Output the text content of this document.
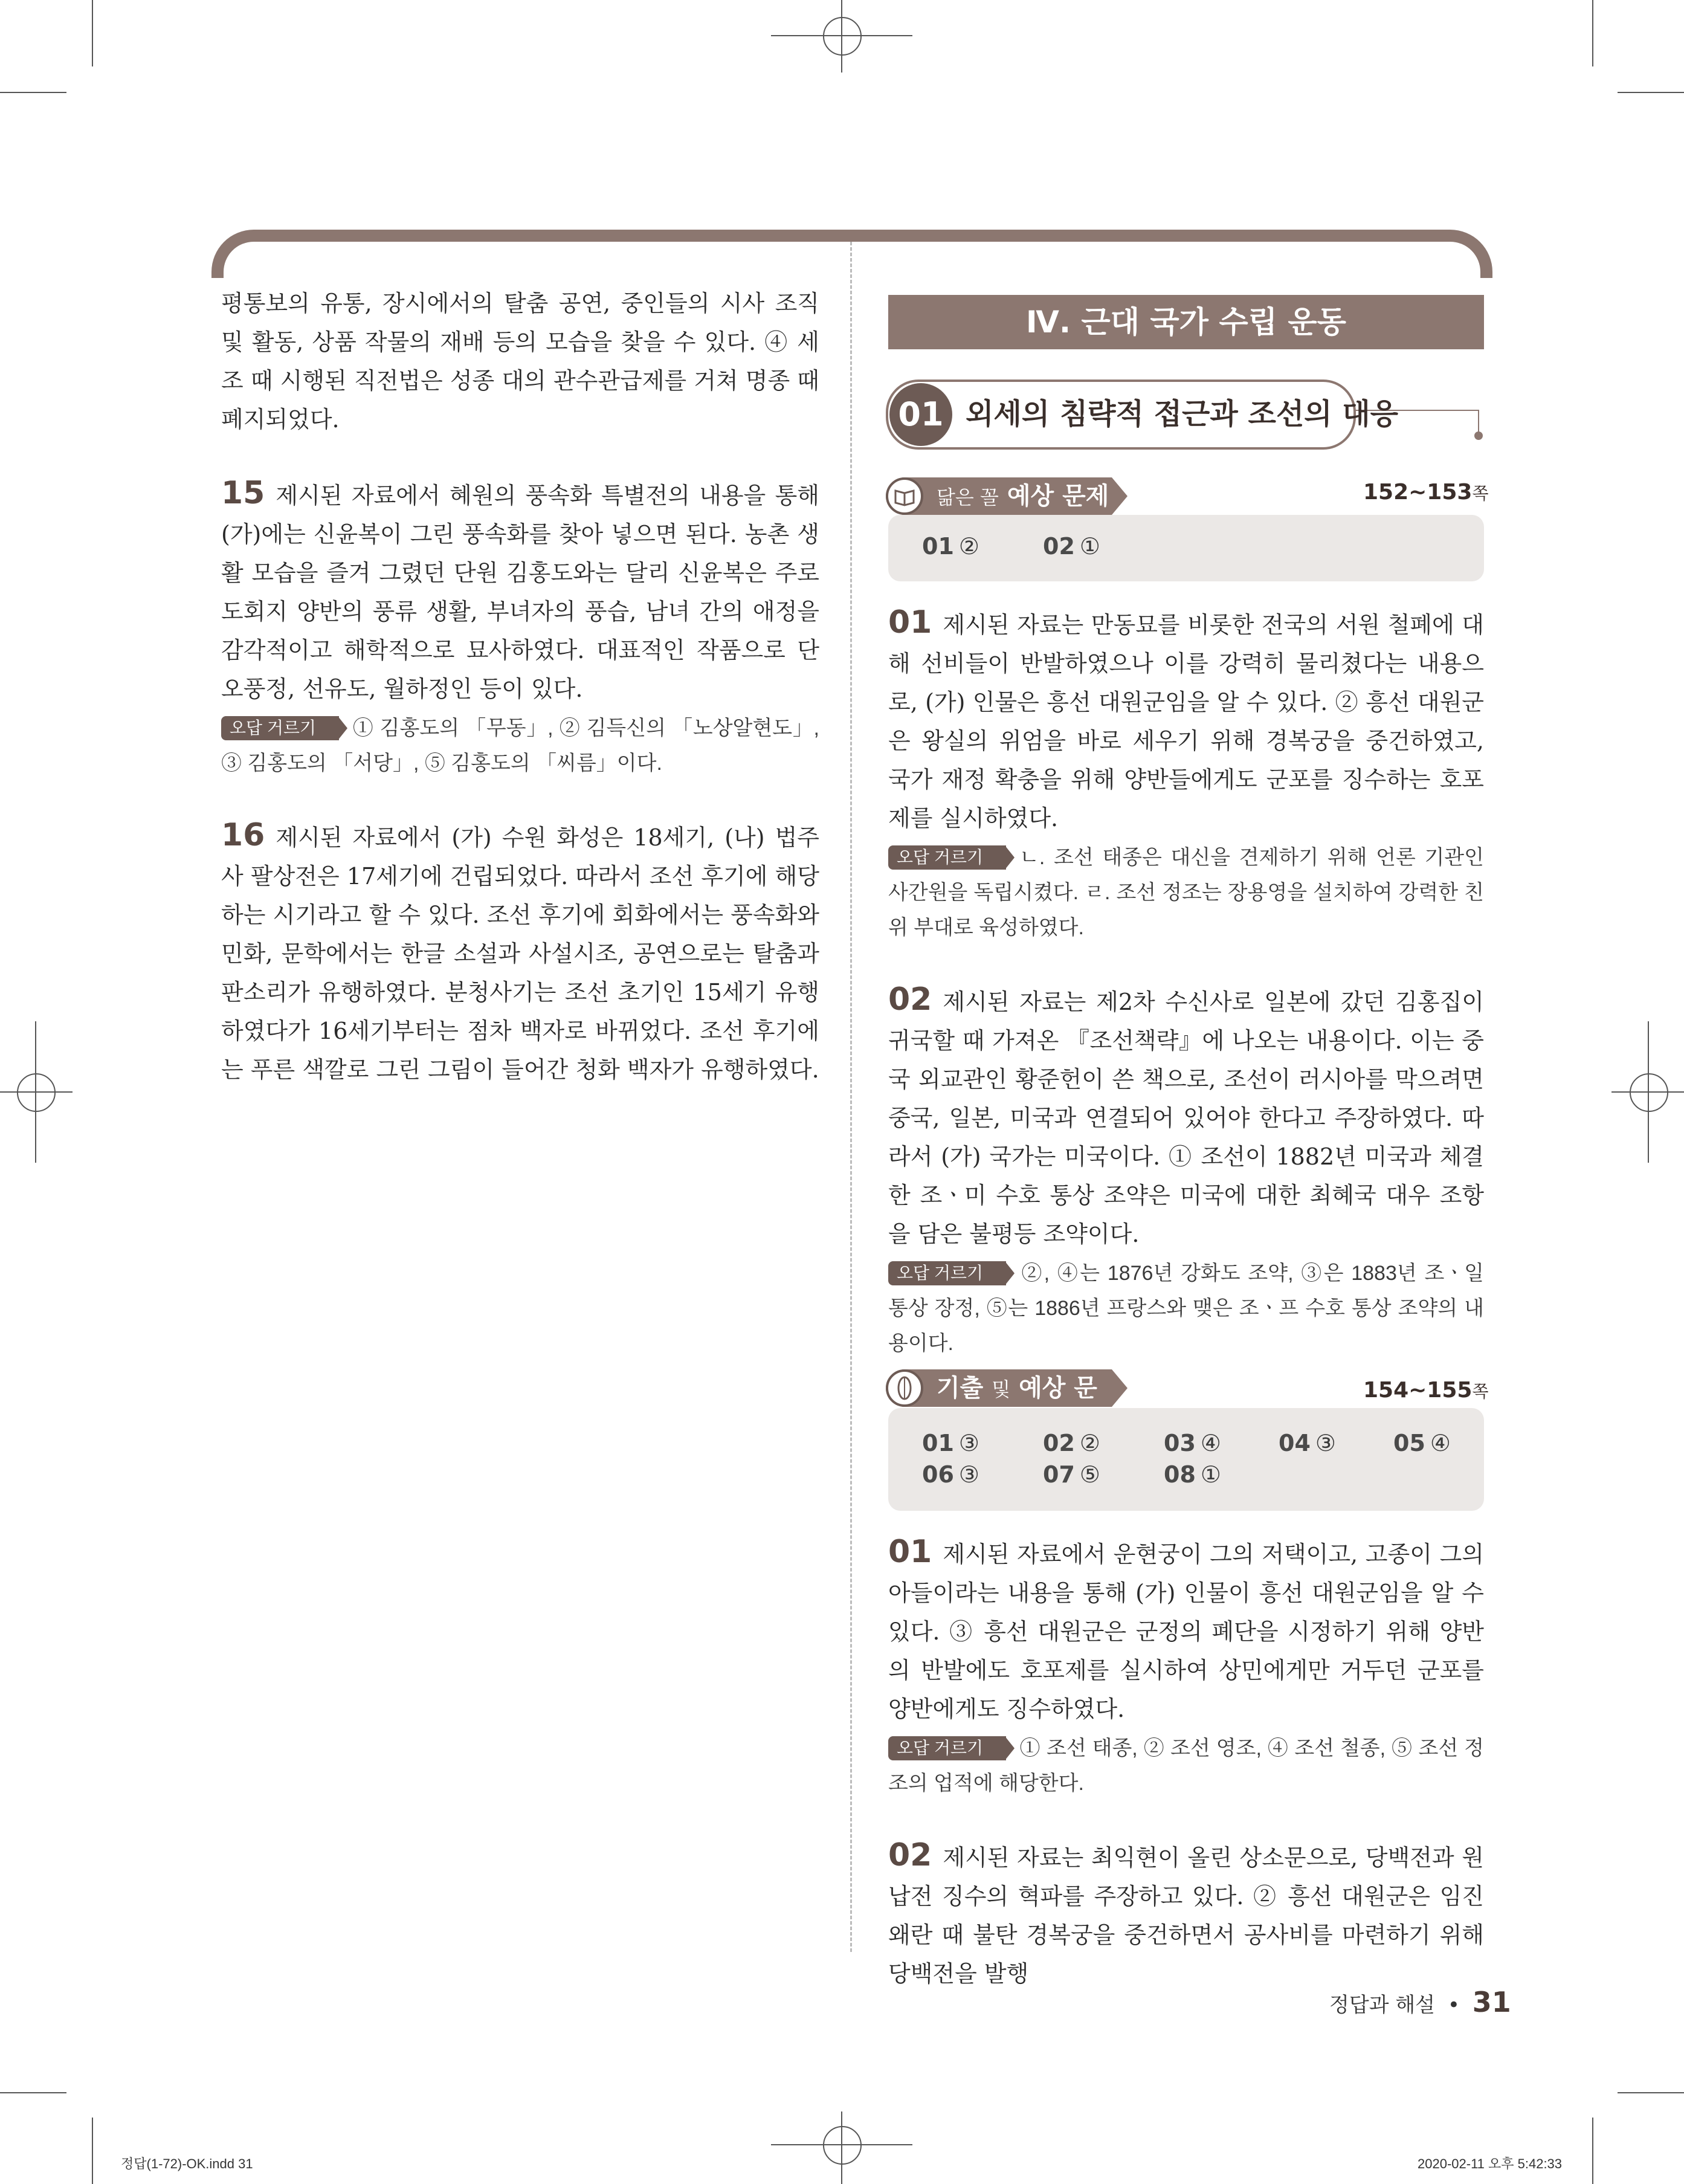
평통보의 유통, 장시에서의 탈춤 공연, 중인들의 시사 조직 및 활동, 상품 작물의 재배 등의 모습을 찾을 수 있다. ④ 세조 때 시행된 직전법은 성종 대의 관수관급제를 거쳐 명종 때 폐지되었다.

15 제시된 자료에서 혜원의 풍속화 특별전의 내용을 통해 (가)에는 신윤복이 그린 풍속화를 찾아 넣으면 된다. 농촌 생활 모습을 즐겨 그렸던 단원 김홍도와는 달리 신윤복은 주로 도회지 양반의 풍류 생활, 부녀자의 풍습, 남녀 간의 애정을 감각적이고 해학적으로 묘사하였다. 대표적인 작품으로 단오풍정, 선유도, 월하정인 등이 있다.

오답 거르기 ① 김홍도의 「무동」, ② 김득신의 「노상알현도」, ③ 김홍도의 「서당」, ⑤ 김홍도의 「씨름」이다.

16 제시된 자료에서 (가) 수원 화성은 18세기, (나) 법주사 팔상전은 17세기에 건립되었다. 따라서 조선 후기에 해당하는 시기라고 할 수 있다. 조선 후기에 회화에서는 풍속화와 민화, 문학에서는 한글 소설과 사설시조, 공연으로는 탈춤과 판소리가 유행하였다. 분청사기는 조선 초기인 15세기 유행하였다가 16세기부터는 점차 백자로 바뀌었다. 조선 후기에는 푸른 색깔로 그린 그림이 들어간 청화 백자가 유행하였다.

Ⅳ. 근대 국가 수립 운동
01 외세의 침략적 접근과 조선의 대응
닮은 꼴 예상 문제	152~153쪽
01 ②	02 ①

01 제시된 자료는 만동묘를 비롯한 전국의 서원 철폐에 대해 선비들이 반발하였으나 이를 강력히 물리쳤다는 내용으로, (가) 인물은 흥선 대원군임을 알 수 있다. ② 흥선 대원군은 왕실의 위엄을 바로 세우기 위해 경복궁을 중건하였고, 국가 재정 확충을 위해 양반들에게도 군포를 징수하는 호포제를 실시하였다.

오답 거르기 ㄴ. 조선 태종은 대신을 견제하기 위해 언론 기관인 사간원을 독립시켰다. ㄹ. 조선 정조는 장용영을 설치하여 강력한 친위 부대로 육성하였다.

02 제시된 자료는 제2차 수신사로 일본에 갔던 김홍집이 귀국할 때 가져온 『조선책략』에 나오는 내용이다. 이는 중국 외교관인 황준헌이 쓴 책으로, 조선이 러시아를 막으려면 중국, 일본, 미국과 연결되어 있어야 한다고 주장하였다. 따라서 (가) 국가는 미국이다. ① 조선이 1882년 미국과 체결한 조ㆍ미 수호 통상 조약은 미국에 대한 최혜국 대우 조항을 담은 불평등 조약이다.

오답 거르기 ②, ④는 1876년 강화도 조약, ③은 1883년 조ㆍ일 통상 장정, ⑤는 1886년 프랑스와 맺은 조ㆍ프 수호 통상 조약의 내용이다.

기출 및 예상 문	154~155쪽
01 ③	02 ②	03 ④	04 ③	05 ④
06 ③	07 ⑤	08 ①

01 제시된 자료에서 운현궁이 그의 저택이고, 고종이 그의 아들이라는 내용을 통해 (가) 인물이 흥선 대원군임을 알 수 있다. ③ 흥선 대원군은 군정의 폐단을 시정하기 위해 양반의 반발에도 호포제를 실시하여 상민에게만 거두던 군포를 양반에게도 징수하였다.

오답 거르기 ① 조선 태종, ② 조선 영조, ④ 조선 철종, ⑤ 조선 정조의 업적에 해당한다.

02 제시된 자료는 최익현이 올린 상소문으로, 당백전과 원납전 징수의 혁파를 주장하고 있다. ② 흥선 대원군은 임진왜란 때 불탄 경복궁을 중건하면서 공사비를 마련하기 위해 당백전을 발행

정답과 해설 • 31
정답(1-72)-OK.indd 31	2020-02-11 오후 5:42:33
